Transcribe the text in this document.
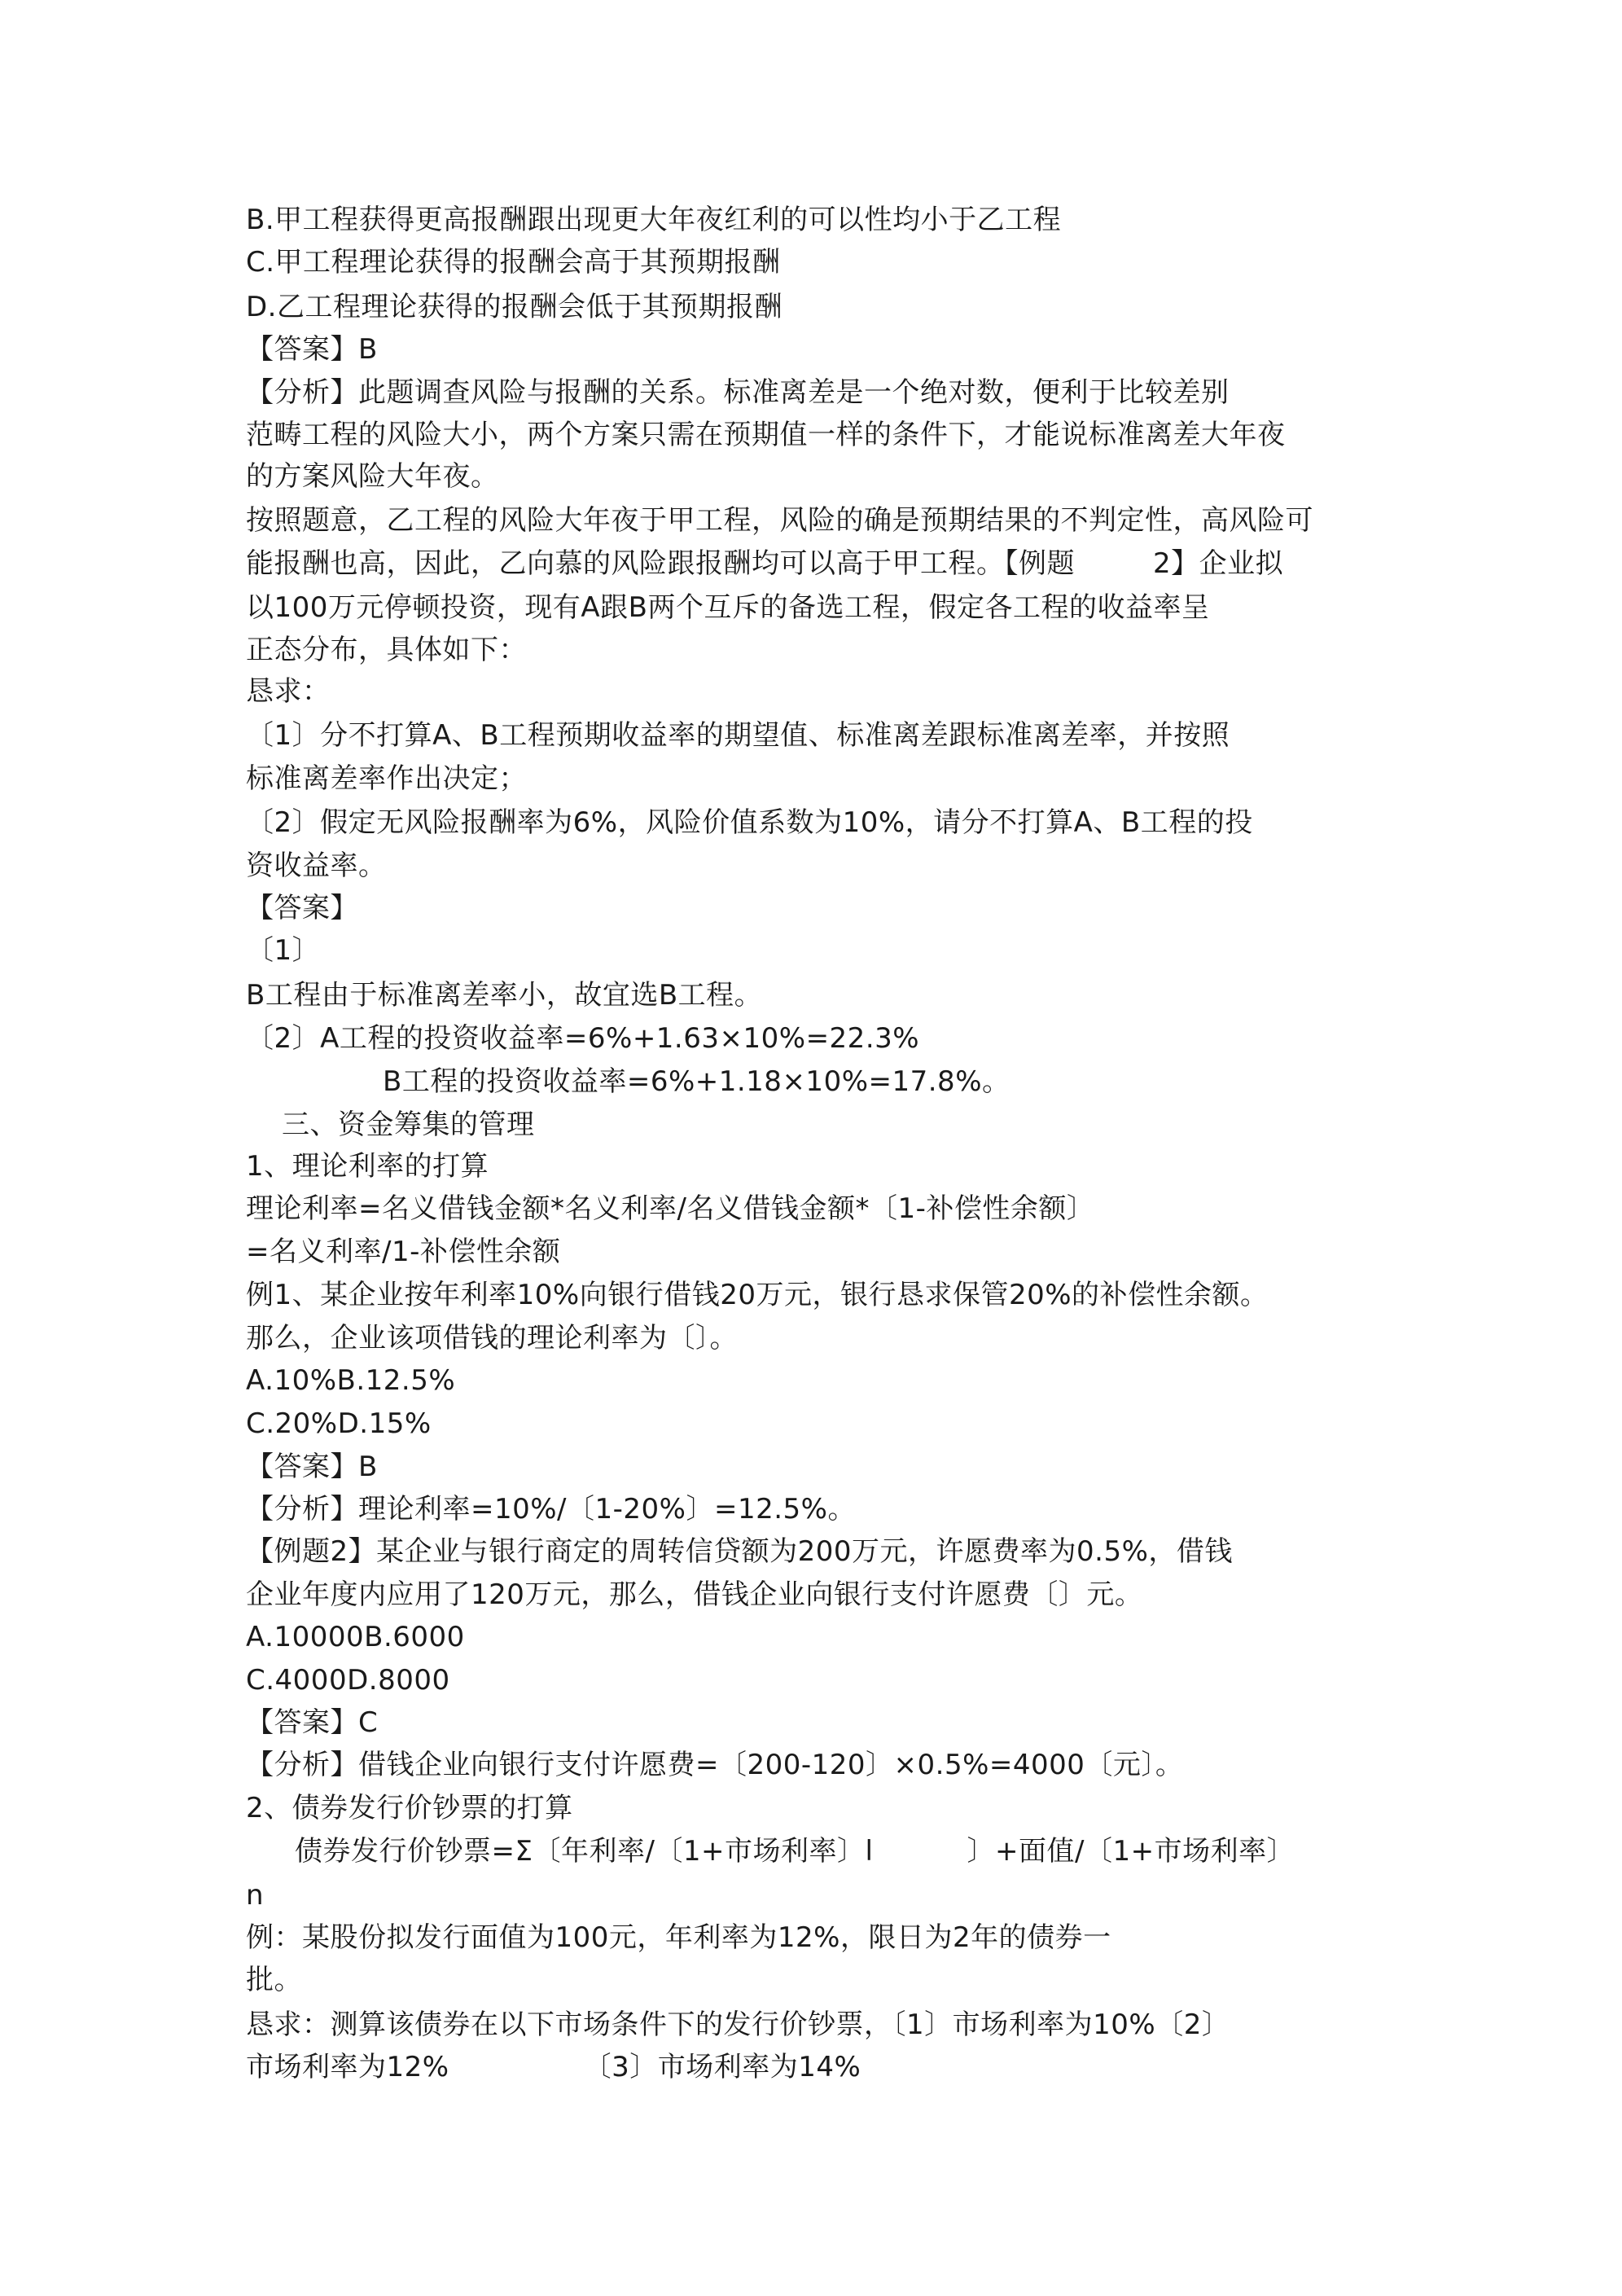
B.甲工程获得更高报酬跟出现更大年夜红利的可以性均小于乙工程
C.甲工程理论获得的报酬会高于其预期报酬
D.乙工程理论获得的报酬会低于其预期报酬
【答案】B
【分析】此题调查风险与报酬的关系。标准离差是一个绝对数，便利于比较差别
范畴工程的风险大小，两个方案只需在预期值一样的条件下，才能说标准离差大年夜
的方案风险大年夜。
按照题意，乙工程的风险大年夜于甲工程，风险的确是预期结果的不判定性，高风险可
能报酬也高，因此，乙向慕的风险跟报酬均可以高于甲工程。【例题	2】企业拟
以100万元停顿投资，现有A跟B两个互斥的备选工程，假定各工程的收益率呈
正态分布，具体如下：
恳求：
〔1〕分不打算A、B工程预期收益率的期望值、标准离差跟标准离差率，并按照
标准离差率作出决定；
〔2〕假定无风险报酬率为6%，风险价值系数为10%，请分不打算A、B工程的投
资收益率。
【答案】
〔1〕
B工程由于标准离差率小，故宜选B工程。
〔2〕A工程的投资收益率=6%+1.63×10%=22.3%
B工程的投资收益率=6%+1.18×10%=17.8%。
三、资金筹集的管理
1、理论利率的打算
理论利率=名义借钱金额*名义利率/名义借钱金额*〔1-补偿性余额〕
=名义利率/1-补偿性余额
例1、某企业按年利率10%向银行借钱20万元，银行恳求保管20%的补偿性余额。
那么，企业该项借钱的理论利率为〔〕。
A.10%B.12.5%
C.20%D.15%
【答案】B
【分析】理论利率=10%/〔1-20%〕=12.5%。
【例题2】某企业与银行商定的周转信贷额为200万元，许愿费率为0.5%，借钱
企业年度内应用了120万元，那么，借钱企业向银行支付许愿费〔〕元。
A.10000B.6000
C.4000D.8000
【答案】C
【分析】借钱企业向银行支付许愿费=〔200-120〕×0.5%=4000〔元〕。
2、债券发行价钞票的打算
债券发行价钞票=Σ〔年利率/〔1+市场利率〕l	〕+面值/〔1+市场利率〕
n
例：某股份拟发行面值为100元，年利率为12%，限日为2年的债券一
批。
恳求：测算该债券在以下市场条件下的发行价钞票，〔1〕市场利率为10%〔2〕
市场利率为12%	〔3〕市场利率为14%
